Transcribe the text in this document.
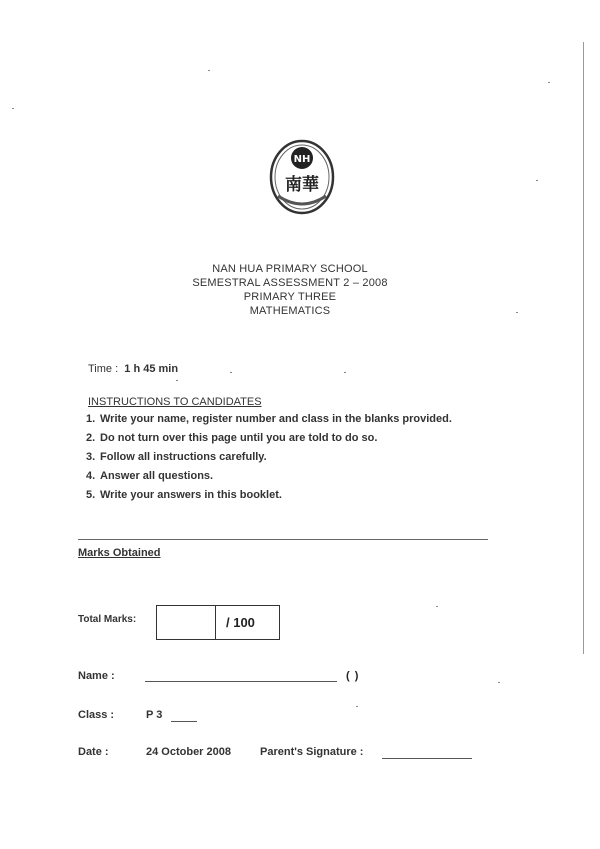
NH
南華
NAN HUA PRIMARY SCHOOL
SEMESTRAL ASSESSMENT 2 – 2008
PRIMARY THREE
MATHEMATICS
Time : 1 h 45 min
INSTRUCTIONS TO CANDIDATES
1. Write your name, register number and class in the blanks provided.
2. Do not turn over this page until you are told to do so.
3. Follow all instructions carefully.
4. Answer all questions.
5. Write your answers in this booklet.
Marks Obtained
Total Marks:	/ 100
Name :	( )
Class :	P 3
Date :	24 October 2008	Parent's Signature :
